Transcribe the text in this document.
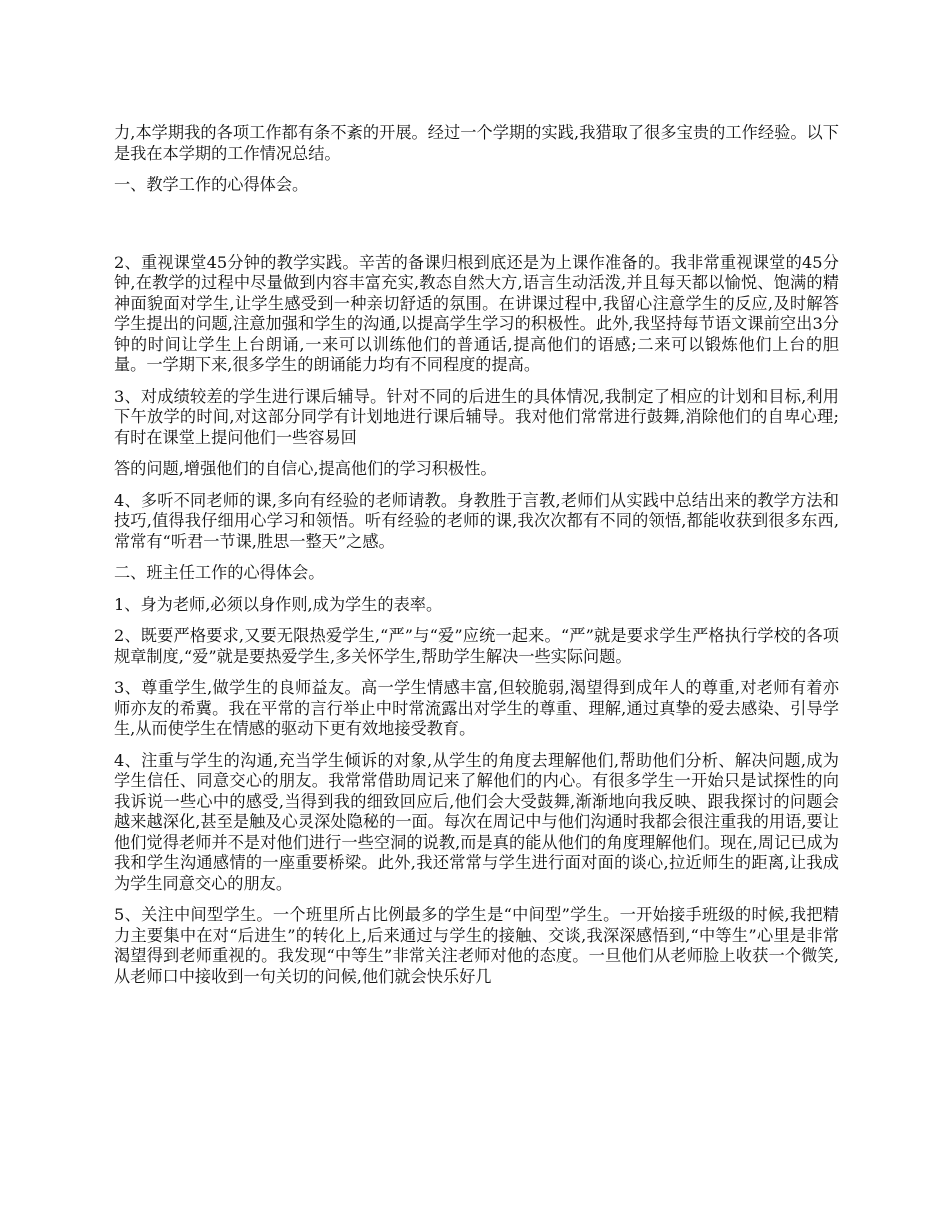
力,本学期我的各项工作都有条不紊的开展。经过一个学期的实践,我猎取了很多宝贵的工作经验。以下是我在本学期的工作情况总结。

一、教学工作的心得体会。

2、重视课堂45分钟的教学实践。辛苦的备课归根到底还是为上课作准备的。我非常重视课堂的45分钟,在教学的过程中尽量做到内容丰富充实,教态自然大方,语言生动活泼,并且每天都以愉悦、饱满的精神面貌面对学生,让学生感受到一种亲切舒适的氛围。在讲课过程中,我留心注意学生的反应,及时解答学生提出的问题,注意加强和学生的沟通,以提高学生学习的积极性。此外,我坚持每节语文课前空出3分钟的时间让学生上台朗诵,一来可以训练他们的普通话,提高他们的语感;二来可以锻炼他们上台的胆量。一学期下来,很多学生的朗诵能力均有不同程度的提高。

3、对成绩较差的学生进行课后辅导。针对不同的后进生的具体情况,我制定了相应的计划和目标,利用下午放学的时间,对这部分同学有计划地进行课后辅导。我对他们常常进行鼓舞,消除他们的自卑心理;有时在课堂上提问他们一些容易回

答的问题,增强他们的自信心,提高他们的学习积极性。

4、多听不同老师的课,多向有经验的老师请教。身教胜于言教,老师们从实践中总结出来的教学方法和技巧,值得我仔细用心学习和领悟。听有经验的老师的课,我次次都有不同的领悟,都能收获到很多东西,常常有“听君一节课,胜思一整天”之感。

二、班主任工作的心得体会。

1、身为老师,必须以身作则,成为学生的表率。

2、既要严格要求,又要无限热爱学生,“严”与“爱”应统一起来。“严”就是要求学生严格执行学校的各项规章制度,“爱”就是要热爱学生,多关怀学生,帮助学生解决一些实际问题。

3、尊重学生,做学生的良师益友。高一学生情感丰富,但较脆弱,渴望得到成年人的尊重,对老师有着亦师亦友的希冀。我在平常的言行举止中时常流露出对学生的尊重、理解,通过真挚的爱去感染、引导学生,从而使学生在情感的驱动下更有效地接受教育。

4、注重与学生的沟通,充当学生倾诉的对象,从学生的角度去理解他们,帮助他们分析、解决问题,成为学生信任、同意交心的朋友。我常常借助周记来了解他们的内心。有很多学生一开始只是试探性的向我诉说一些心中的感受,当得到我的细致回应后,他们会大受鼓舞,渐渐地向我反映、跟我探讨的问题会越来越深化,甚至是触及心灵深处隐秘的一面。每次在周记中与他们沟通时我都会很注重我的用语,要让他们觉得老师并不是对他们进行一些空洞的说教,而是真的能从他们的角度理解他们。现在,周记已成为我和学生沟通感情的一座重要桥梁。此外,我还常常与学生进行面对面的谈心,拉近师生的距离,让我成为学生同意交心的朋友。

5、关注中间型学生。一个班里所占比例最多的学生是“中间型”学生。一开始接手班级的时候,我把精力主要集中在对“后进生”的转化上,后来通过与学生的接触、交谈,我深深感悟到,“中等生”心里是非常渴望得到老师重视的。我发现“中等生”非常关注老师对他的态度。一旦他们从老师脸上收获一个微笑,从老师口中接收到一句关切的问候,他们就会快乐好几
